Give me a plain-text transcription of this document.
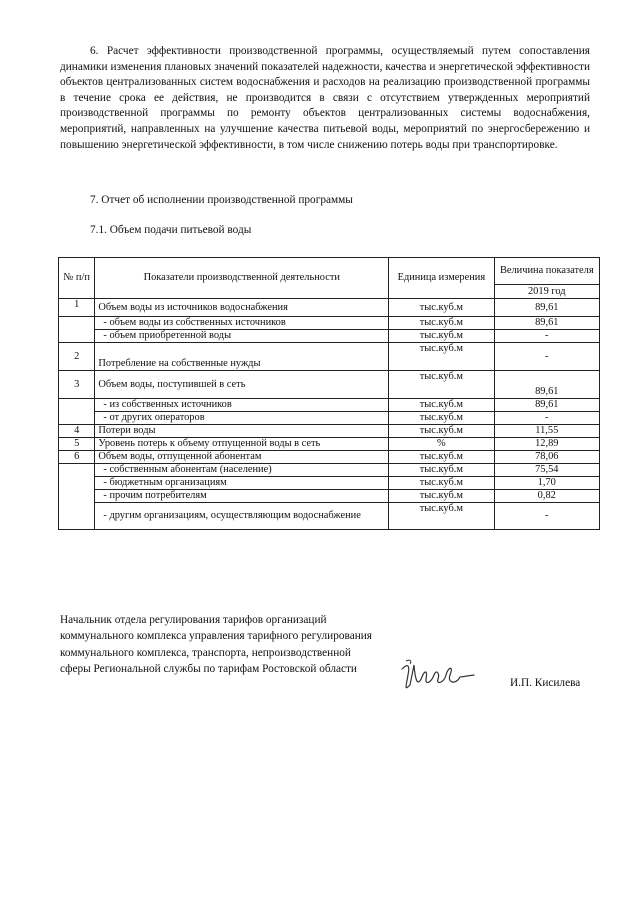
6. Расчет эффективности производственной программы, осуществляемый путем сопоставления динамики изменения плановых значений показателей надежности, качества и энергетической эффективности объектов централизованных систем водоснабжения и расходов на реализацию производственной программы в течение срока ее действия, не производится в связи с отсутствием утвержденных мероприятий производственной программы по ремонту объектов централизованных системы водоснабжения, мероприятий, направленных на улучшение качества питьевой воды, мероприятий по энергосбережению и повышению энергетической эффективности, в том числе снижению потерь воды при транспортировке.

7. Отчет об исполнении производственной программы

7.1. Объем подачи питьевой воды

№ п/п	Показатели производственной деятельности	Единица измерения	Величина показателя
			2019 год
1	Объем воды из источников водоснабжения	тыс.куб.м	89,61
	- объем воды из собственных источников	тыс.куб.м	89,61
	- объем приобретенной воды	тыс.куб.м	-
2	Потребление на собственные нужды	тыс.куб.м	-
3	Объем воды, поступившей в сеть	тыс.куб.м	89,61
	- из собственных источников	тыс.куб.м	89,61
	- от других операторов	тыс.куб.м	-
4	Потери воды	тыс.куб.м	11,55
5	Уровень потерь к объему отпущенной воды в сеть	%	12,89
6	Объем воды, отпущенной абонентам	тыс.куб.м	78,06
	- собственным абонентам (население)	тыс.куб.м	75,54
	- бюджетным организациям	тыс.куб.м	1,70
	- прочим потребителям	тыс.куб.м	0,82
	- другим организациям, осуществляющим водоснабжение	тыс.куб.м	-

Начальник отдела регулирования тарифов организаций коммунального комплекса управления тарифного регулирования коммунального комплекса, транспорта, непроизводственной сферы Региональной службы по тарифам Ростовской области

И.П. Кисилева
